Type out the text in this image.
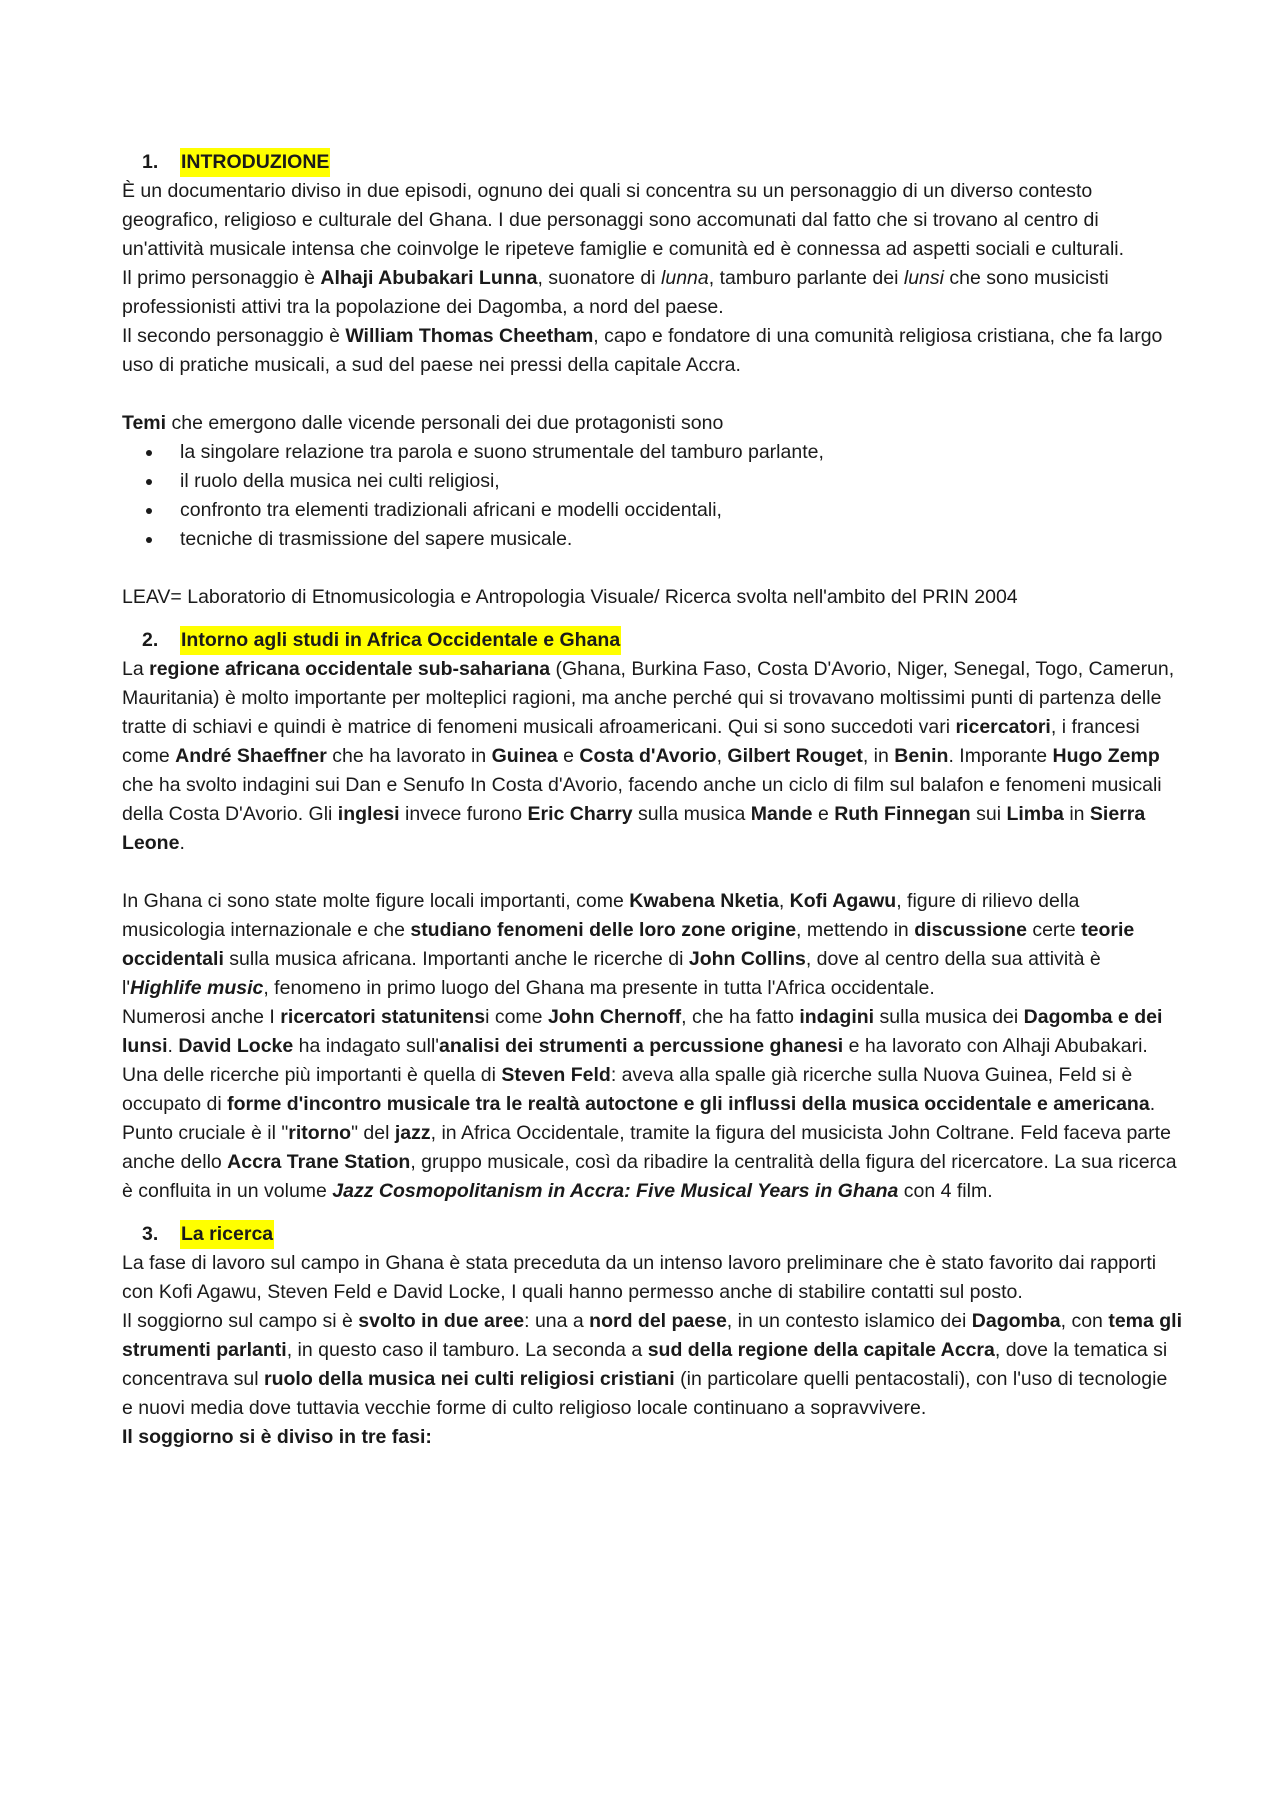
1.	INTRODUZIONE

È un documentario diviso in due episodi, ognuno dei quali si concentra su un personaggio di un diverso contesto geografico, religioso e culturale del Ghana. I due personaggi sono accomunati dal fatto che si trovano al centro di un'attività musicale intensa che coinvolge le ripeteve famiglie e comunità ed è connessa ad aspetti sociali e culturali.

Il primo personaggio è Alhaji Abubakari Lunna, suonatore di lunna, tamburo parlante dei lunsi che sono musicisti professionisti attivi tra la popolazione dei Dagomba, a nord del paese.

Il secondo personaggio è William Thomas Cheetham, capo e fondatore di una comunità religiosa cristiana, che fa largo uso di pratiche musicali, a sud del paese nei pressi della capitale Accra.

Temi che emergono dalle vicende personali dei due protagonisti sono

la singolare relazione tra parola e suono strumentale del tamburo parlante,
il ruolo della musica nei culti religiosi,
confronto tra elementi tradizionali africani e modelli occidentali,
tecniche di trasmissione del sapere musicale.

LEAV= Laboratorio di Etnomusicologia e Antropologia Visuale/ Ricerca svolta nell'ambito del PRIN 2004

2.	Intorno agli studi in Africa Occidentale e Ghana

La regione africana occidentale sub-sahariana (Ghana, Burkina Faso, Costa D'Avorio, Niger, Senegal, Togo, Camerun, Mauritania) è molto importante per molteplici ragioni, ma anche perché qui si trovavano moltissimi punti di partenza delle tratte di schiavi e quindi è matrice di fenomeni musicali afroamericani. Qui si sono succedoti vari ricercatori, i francesi come André Shaeffner che ha lavorato in Guinea e Costa d'Avorio, Gilbert Rouget, in Benin. Imporante Hugo Zemp che ha svolto indagini sui Dan e Senufo In Costa d'Avorio, facendo anche un ciclo di film sul balafon e fenomeni musicali della Costa D'Avorio. Gli inglesi invece furono Eric Charry sulla musica Mande e Ruth Finnegan sui Limba in Sierra Leone.

In Ghana ci sono state molte figure locali importanti, come Kwabena Nketia, Kofi Agawu, figure di rilievo della musicologia internazionale e che studiano fenomeni delle loro zone origine, mettendo in discussione certe teorie occidentali sulla musica africana. Importanti anche le ricerche di John Collins, dove al centro della sua attività è l'Highlife music, fenomeno in primo luogo del Ghana ma presente in tutta l'Africa occidentale.

Numerosi anche I ricercatori statunitensi come John Chernoff, che ha fatto indagini sulla musica dei Dagomba e dei lunsi. David Locke ha indagato sull'analisi dei strumenti a percussione ghanesi e ha lavorato con Alhaji Abubakari.

Una delle ricerche più importanti è quella di Steven Feld: aveva alla spalle già ricerche sulla Nuova Guinea, Feld si è occupato di forme d'incontro musicale tra le realtà autoctone e gli influssi della musica occidentale e americana. Punto cruciale è il "ritorno" del jazz, in Africa Occidentale, tramite la figura del musicista John Coltrane. Feld faceva parte anche dello Accra Trane Station, gruppo musicale, così da ribadire la centralità della figura del ricercatore. La sua ricerca è confluita in un volume Jazz Cosmopolitanism in Accra: Five Musical Years in Ghana con 4 film.

3.	La ricerca

La fase di lavoro sul campo in Ghana è stata preceduta da un intenso lavoro preliminare che è stato favorito dai rapporti con Kofi Agawu, Steven Feld e David Locke, I quali hanno permesso anche di stabilire contatti sul posto.

Il soggiorno sul campo si è svolto in due aree: una a nord del paese, in un contesto islamico dei Dagomba, con tema gli strumenti parlanti, in questo caso il tamburo. La seconda a sud della regione della capitale Accra, dove la tematica si concentrava sul ruolo della musica nei culti religiosi cristiani (in particolare quelli pentacostali), con l'uso di tecnologie e nuovi media dove tuttavia vecchie forme di culto religioso locale continuano a sopravvivere.

Il soggiorno si è diviso in tre fasi:
